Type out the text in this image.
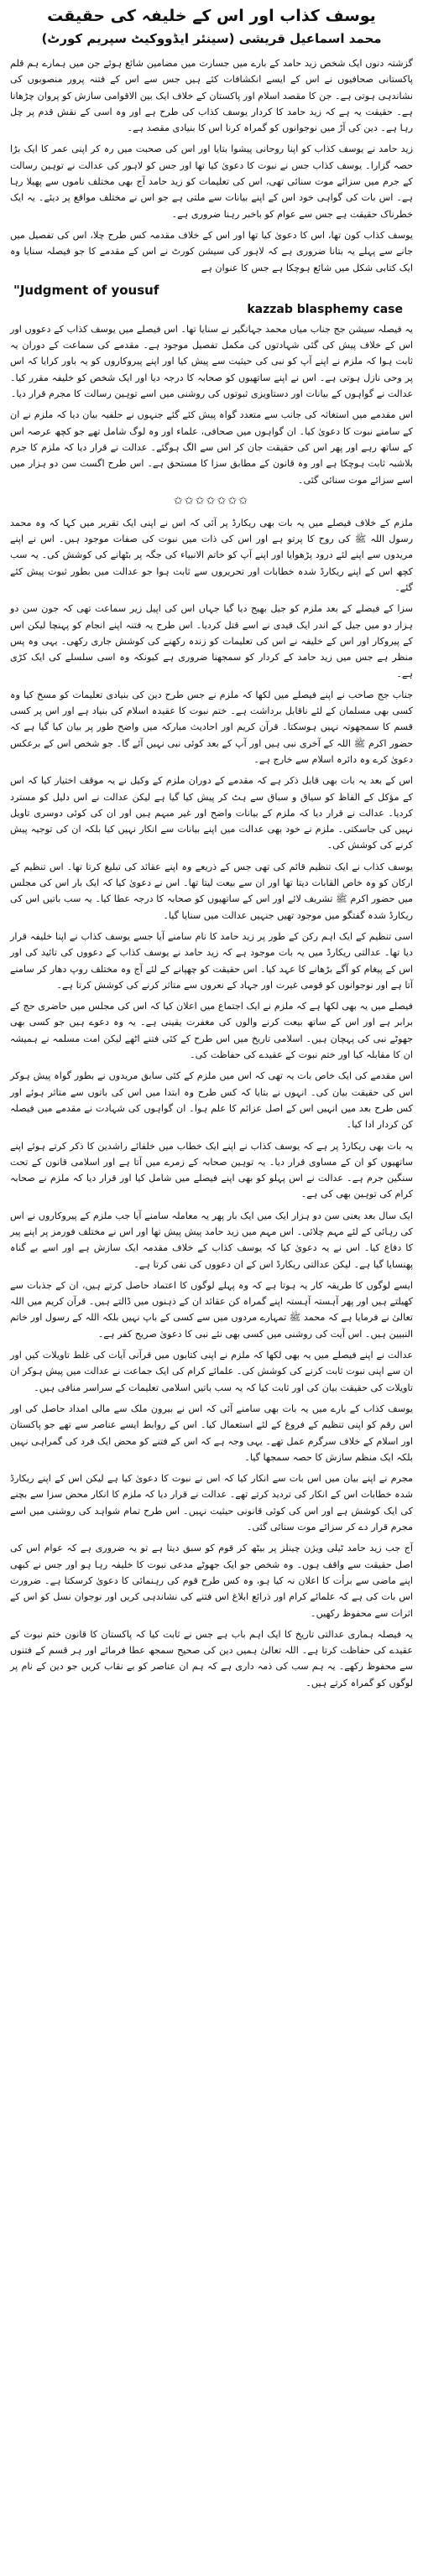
یوسف کذاب اور اس کے خلیفہ کی حقیقت
محمد اسماعیل قریشی (سینئر ایڈووکیٹ سپریم کورٹ)

گزشتہ دنوں ایک شخص زید حامد کے بارے میں جسارت میں مضامین شائع ہوئے جن میں ہمارے ہم قلم پاکستانی صحافیوں نے اس کے ایسے انکشافات کئے ہیں جس سے اس کے فتنہ پرور منصوبوں کی نشاندہی ہوتی ہے۔ جن کا مقصد اسلام اور پاکستان کے خلاف ایک بین الاقوامی سازش کو پروان چڑھانا ہے۔ حقیقت یہ ہے کہ زید حامد کا کردار یوسف کذاب کی طرح ہے اور وہ اسی کے نقش قدم پر چل رہا ہے۔ دین کی آڑ میں نوجوانوں کو گمراہ کرنا اس کا بنیادی مقصد ہے۔

زید حامد نے یوسف کذاب کو اپنا روحانی پیشوا بتایا اور اس کی صحبت میں رہ کر اپنی عمر کا ایک بڑا حصہ گزارا۔ یوسف کذاب جس نے نبوت کا دعویٰ کیا تھا اور جس کو لاہور کی عدالت نے توہین رسالت کے جرم میں سزائے موت سنائی تھی، اس کی تعلیمات کو زید حامد آج بھی مختلف ناموں سے پھیلا رہا ہے۔ اس بات کی گواہی خود اس کے اپنے بیانات سے ملتی ہے جو اس نے مختلف مواقع پر دیئے۔ یہ ایک خطرناک حقیقت ہے جس سے عوام کو باخبر رہنا ضروری ہے۔

یوسف کذاب کون تھا، اس کا دعویٰ کیا تھا اور اس کے خلاف مقدمہ کس طرح چلا، اس کی تفصیل میں جانے سے پہلے یہ بتانا ضروری ہے کہ لاہور کی سیشن کورٹ نے اس کے مقدمے کا جو فیصلہ سنایا وہ ایک کتابی شکل میں شائع ہوچکا ہے جس کا عنوان ہے

"Judgment of yousuf
kazzab blasphemy case

یہ فیصلہ سیشن جج جناب میاں محمد جہانگیر نے سنایا تھا۔ اس فیصلے میں یوسف کذاب کے دعووں اور اس کے خلاف پیش کی گئی شہادتوں کی مکمل تفصیل موجود ہے۔ مقدمے کی سماعت کے دوران یہ ثابت ہوا کہ ملزم نے اپنے آپ کو نبی کی حیثیت سے پیش کیا اور اپنے پیروکاروں کو یہ باور کرایا کہ اس پر وحی نازل ہوتی ہے۔ اس نے اپنے ساتھیوں کو صحابہ کا درجہ دیا اور ایک شخص کو خلیفہ مقرر کیا۔ عدالت نے گواہوں کے بیانات اور دستاویزی ثبوتوں کی روشنی میں اسے توہین رسالت کا مجرم قرار دیا۔

اس مقدمے میں استغاثہ کی جانب سے متعدد گواہ پیش کئے گئے جنہوں نے حلفیہ بیان دیا کہ ملزم نے ان کے سامنے نبوت کا دعویٰ کیا۔ ان گواہوں میں صحافی، علماء اور وہ لوگ شامل تھے جو کچھ عرصہ اس کے ساتھ رہے اور پھر اس کی حقیقت جان کر اس سے الگ ہوگئے۔ عدالت نے قرار دیا کہ ملزم کا جرم بلاشبہ ثابت ہوچکا ہے اور وہ قانون کے مطابق سزا کا مستحق ہے۔ اس طرح اگست سن دو ہزار میں اسے سزائے موت سنائی گئی۔

✩✩✩✩✩✩✩

ملزم کے خلاف فیصلے میں یہ بات بھی ریکارڈ پر آئی کہ اس نے اپنی ایک تقریر میں کہا کہ وہ محمد رسول اللہ ﷺ کی روح کا پرتو ہے اور اس کی ذات میں نبوت کی صفات موجود ہیں۔ اس نے اپنے مریدوں سے اپنے لئے درود پڑھوایا اور اپنے آپ کو خاتم الانبیاء کی جگہ پر بٹھانے کی کوشش کی۔ یہ سب کچھ اس کے اپنے ریکارڈ شدہ خطابات اور تحریروں سے ثابت ہوا جو عدالت میں بطور ثبوت پیش کئے گئے۔

سزا کے فیصلے کے بعد ملزم کو جیل بھیج دیا گیا جہاں اس کی اپیل زیر سماعت تھی کہ جون سن دو ہزار دو میں جیل کے اندر ایک قیدی نے اسے قتل کردیا۔ اس طرح یہ فتنہ اپنے انجام کو پہنچا لیکن اس کے پیروکار اور اس کے خلیفہ نے اس کی تعلیمات کو زندہ رکھنے کی کوشش جاری رکھی۔ یہی وہ پس منظر ہے جس میں زید حامد کے کردار کو سمجھنا ضروری ہے کیونکہ وہ اسی سلسلے کی ایک کڑی ہے۔

جناب جج صاحب نے اپنے فیصلے میں لکھا کہ ملزم نے جس طرح دین کی بنیادی تعلیمات کو مسخ کیا وہ کسی بھی مسلمان کے لئے ناقابل برداشت ہے۔ ختم نبوت کا عقیدہ اسلام کی بنیاد ہے اور اس پر کسی قسم کا سمجھوتہ نہیں ہوسکتا۔ قرآن کریم اور احادیث مبارکہ میں واضح طور پر بیان کیا گیا ہے کہ حضور اکرم ﷺ اللہ کے آخری نبی ہیں اور آپ کے بعد کوئی نبی نہیں آئے گا۔ جو شخص اس کے برعکس دعویٰ کرے وہ دائرہ اسلام سے خارج ہے۔

اس کے بعد یہ بات بھی قابل ذکر ہے کہ مقدمے کے دوران ملزم کے وکیل نے یہ موقف اختیار کیا کہ اس کے مؤکل کے الفاظ کو سیاق و سباق سے ہٹ کر پیش کیا گیا ہے لیکن عدالت نے اس دلیل کو مسترد کردیا۔ عدالت نے قرار دیا کہ ملزم کے بیانات واضح اور غیر مبہم ہیں اور ان کی کوئی دوسری تاویل نہیں کی جاسکتی۔ ملزم نے خود بھی عدالت میں اپنے بیانات سے انکار نہیں کیا بلکہ ان کی توجیہ پیش کرنے کی کوشش کی۔

یوسف کذاب نے ایک تنظیم قائم کی تھی جس کے ذریعے وہ اپنے عقائد کی تبلیغ کرتا تھا۔ اس تنظیم کے ارکان کو وہ خاص القابات دیتا تھا اور ان سے بیعت لیتا تھا۔ اس نے دعویٰ کیا کہ ایک بار اس کی مجلس میں حضور اکرم ﷺ تشریف لائے اور اس کے ساتھیوں کو صحابہ کا درجہ عطا کیا۔ یہ سب باتیں اس کی ریکارڈ شدہ گفتگو میں موجود تھیں جنہیں عدالت میں سنایا گیا۔

اسی تنظیم کے ایک اہم رکن کے طور پر زید حامد کا نام سامنے آیا جسے یوسف کذاب نے اپنا خلیفہ قرار دیا تھا۔ عدالتی ریکارڈ میں یہ بات موجود ہے کہ زید حامد نے یوسف کذاب کے دعووں کی تائید کی اور اس کے پیغام کو آگے بڑھانے کا عہد کیا۔ اس حقیقت کو چھپانے کے لئے آج وہ مختلف روپ دھار کر سامنے آتا ہے اور نوجوانوں کو قومی غیرت اور جہاد کے نعروں سے متاثر کرنے کی کوشش کرتا ہے۔

فیصلے میں یہ بھی لکھا ہے کہ ملزم نے ایک اجتماع میں اعلان کیا کہ اس کی مجلس میں حاضری حج کے برابر ہے اور اس کے ساتھ بیعت کرنے والوں کی مغفرت یقینی ہے۔ یہ وہ دعوے ہیں جو کسی بھی جھوٹے نبی کی پہچان ہیں۔ اسلامی تاریخ میں اس طرح کے کئی فتنے اٹھے لیکن امت مسلمہ نے ہمیشہ ان کا مقابلہ کیا اور ختم نبوت کے عقیدے کی حفاظت کی۔

اس مقدمے کی ایک خاص بات یہ تھی کہ اس میں ملزم کے کئی سابق مریدوں نے بطور گواہ پیش ہوکر اس کی حقیقت بیان کی۔ انہوں نے بتایا کہ کس طرح وہ ابتدا میں اس کی باتوں سے متاثر ہوئے اور کس طرح بعد میں انہیں اس کے اصل عزائم کا علم ہوا۔ ان گواہوں کی شہادت نے مقدمے میں فیصلہ کن کردار ادا کیا۔

یہ بات بھی ریکارڈ پر ہے کہ یوسف کذاب نے اپنے ایک خطاب میں خلفائے راشدین کا ذکر کرتے ہوئے اپنے ساتھیوں کو ان کے مساوی قرار دیا۔ یہ توہین صحابہ کے زمرے میں آتا ہے اور اسلامی قانون کے تحت سنگین جرم ہے۔ عدالت نے اس پہلو کو بھی اپنے فیصلے میں شامل کیا اور قرار دیا کہ ملزم نے صحابہ کرام کی توہین بھی کی ہے۔

ایک سال بعد یعنی سن دو ہزار ایک میں ایک بار پھر یہ معاملہ سامنے آیا جب ملزم کے پیروکاروں نے اس کی رہائی کے لئے مہم چلائی۔ اس مہم میں زید حامد پیش پیش تھا اور اس نے مختلف فورمز پر اپنے پیر کا دفاع کیا۔ اس نے یہ دعویٰ کیا کہ یوسف کذاب کے خلاف مقدمہ ایک سازش ہے اور اسے بے گناہ پھنسایا گیا ہے۔ لیکن عدالتی ریکارڈ اس کے ان دعووں کی نفی کرتا ہے۔

ایسے لوگوں کا طریقہ کار یہ ہوتا ہے کہ وہ پہلے لوگوں کا اعتماد حاصل کرتے ہیں، ان کے جذبات سے کھیلتے ہیں اور پھر آہستہ آہستہ اپنے گمراہ کن عقائد ان کے ذہنوں میں ڈالتے ہیں۔ قرآن کریم میں اللہ تعالیٰ نے فرمایا ہے کہ محمد ﷺ تمہارے مردوں میں سے کسی کے باپ نہیں بلکہ اللہ کے رسول اور خاتم النبیین ہیں۔ اس آیت کی روشنی میں کسی بھی نئے نبی کا دعویٰ صریح کفر ہے۔

عدالت نے اپنے فیصلے میں یہ بھی لکھا کہ ملزم نے اپنی کتابوں میں قرآنی آیات کی غلط تاویلات کیں اور ان سے اپنی نبوت ثابت کرنے کی کوشش کی۔ علمائے کرام کی ایک جماعت نے عدالت میں پیش ہوکر ان تاویلات کی حقیقت بیان کی اور ثابت کیا کہ یہ سب باتیں اسلامی تعلیمات کے سراسر منافی ہیں۔

یوسف کذاب کے بارے میں یہ بات بھی سامنے آئی کہ اس نے بیرون ملک سے مالی امداد حاصل کی اور اس رقم کو اپنی تنظیم کے فروغ کے لئے استعمال کیا۔ اس کے روابط ایسے عناصر سے تھے جو پاکستان اور اسلام کے خلاف سرگرم عمل تھے۔ یہی وجہ ہے کہ اس کے فتنے کو محض ایک فرد کی گمراہی نہیں بلکہ ایک منظم سازش کا حصہ سمجھا گیا۔

مجرم نے اپنے بیان میں اس بات سے انکار کیا کہ اس نے نبوت کا دعویٰ کیا ہے لیکن اس کے اپنے ریکارڈ شدہ خطابات اس کے انکار کی تردید کرتے تھے۔ عدالت نے قرار دیا کہ ملزم کا انکار محض سزا سے بچنے کی ایک کوشش ہے اور اس کی کوئی قانونی حیثیت نہیں۔ اس طرح تمام شواہد کی روشنی میں اسے مجرم قرار دے کر سزائے موت سنائی گئی۔

آج جب زید حامد ٹیلی ویژن چینلز پر بیٹھ کر قوم کو سبق دیتا ہے تو یہ ضروری ہے کہ عوام اس کی اصل حقیقت سے واقف ہوں۔ وہ شخص جو ایک جھوٹے مدعی نبوت کا خلیفہ رہا ہو اور جس نے کبھی اپنے ماضی سے برأت کا اعلان نہ کیا ہو، وہ کس طرح قوم کی رہنمائی کا دعویٰ کرسکتا ہے۔ ضرورت اس بات کی ہے کہ علمائے کرام اور ذرائع ابلاغ اس فتنے کی نشاندہی کریں اور نوجوان نسل کو اس کے اثرات سے محفوظ رکھیں۔

یہ فیصلہ ہماری عدالتی تاریخ کا ایک اہم باب ہے جس نے ثابت کیا کہ پاکستان کا قانون ختم نبوت کے عقیدے کی حفاظت کرتا ہے۔ اللہ تعالیٰ ہمیں دین کی صحیح سمجھ عطا فرمائے اور ہر قسم کے فتنوں سے محفوظ رکھے۔ یہ ہم سب کی ذمہ داری ہے کہ ہم ان عناصر کو بے نقاب کریں جو دین کے نام پر لوگوں کو گمراہ کرتے ہیں۔
